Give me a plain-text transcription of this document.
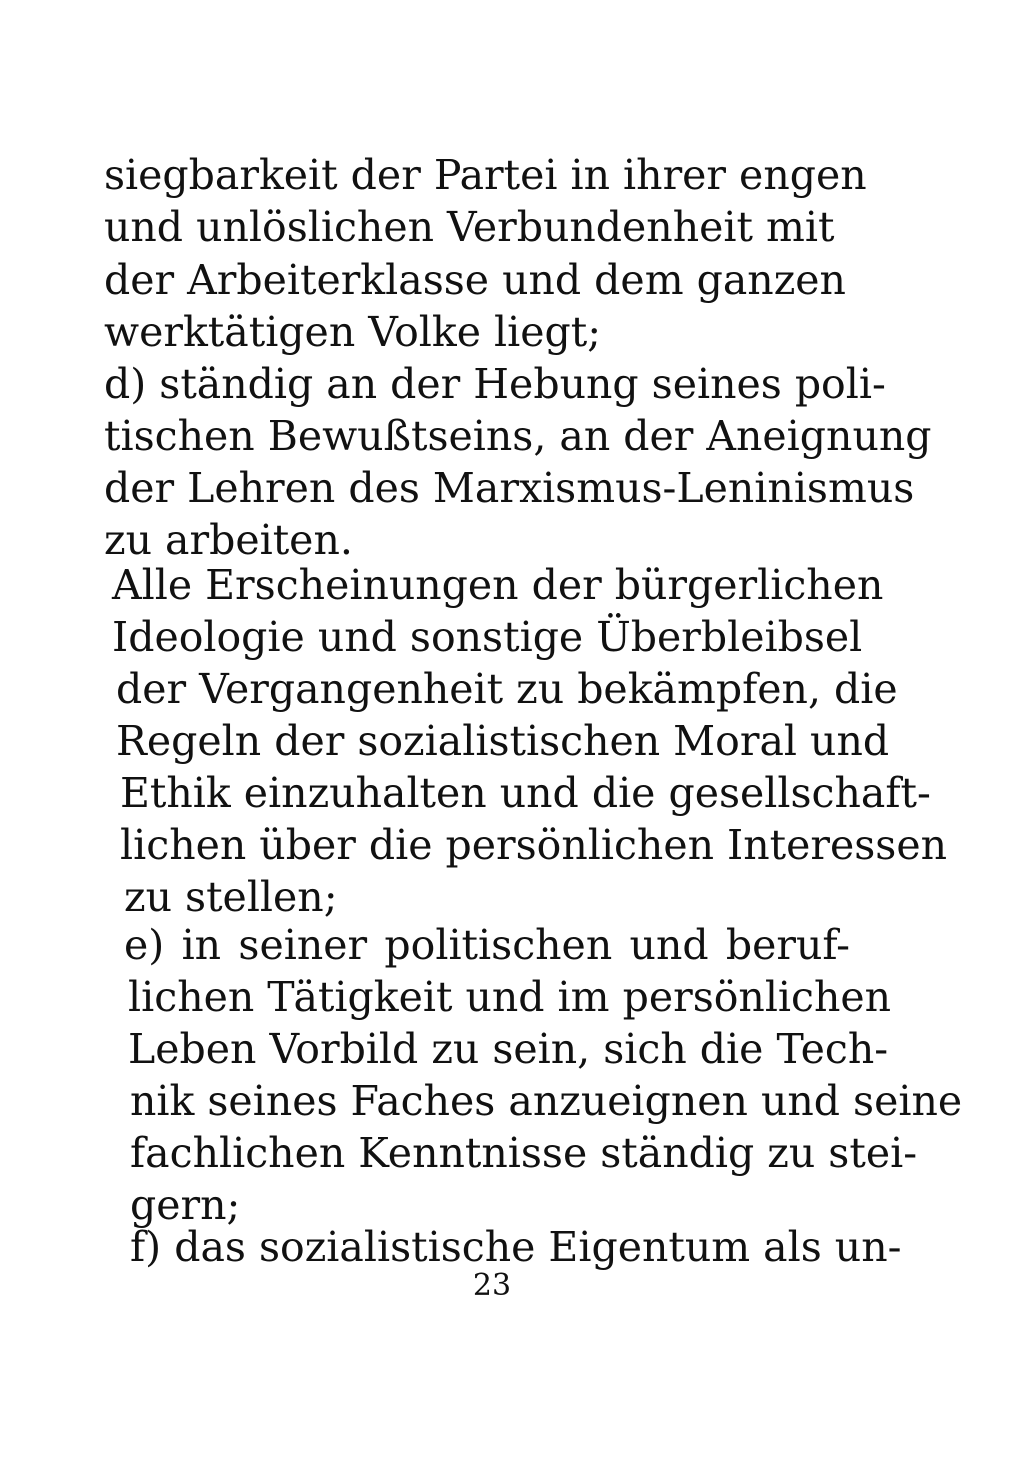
siegbarkeit der Partei in ihrer engen

und unlöslichen Verbundenheit mit

der Arbeiterklasse und dem ganzen

werktätigen Volke liegt;

d) ständig an der Hebung seines poli-

tischen Bewußtseins, an der Aneignung

der Lehren des Marxismus-Leninismus

zu arbeiten.

Alle Erscheinungen der bürgerlichen

Ideologie und sonstige Überbleibsel

der Vergangenheit zu bekämpfen, die

Regeln der sozialistischen Moral und

Ethik einzuhalten und die gesellschaft-

lichen über die persönlichen Interessen

zu stellen;

e) in seiner politischen und beruf-

lichen Tätigkeit und im persönlichen

Leben Vorbild zu sein, sich die Tech-

nik seines Faches anzueignen und seine

fachlichen Kenntnisse ständig zu stei-

gern;

f) das sozialistische Eigentum als un-

23
